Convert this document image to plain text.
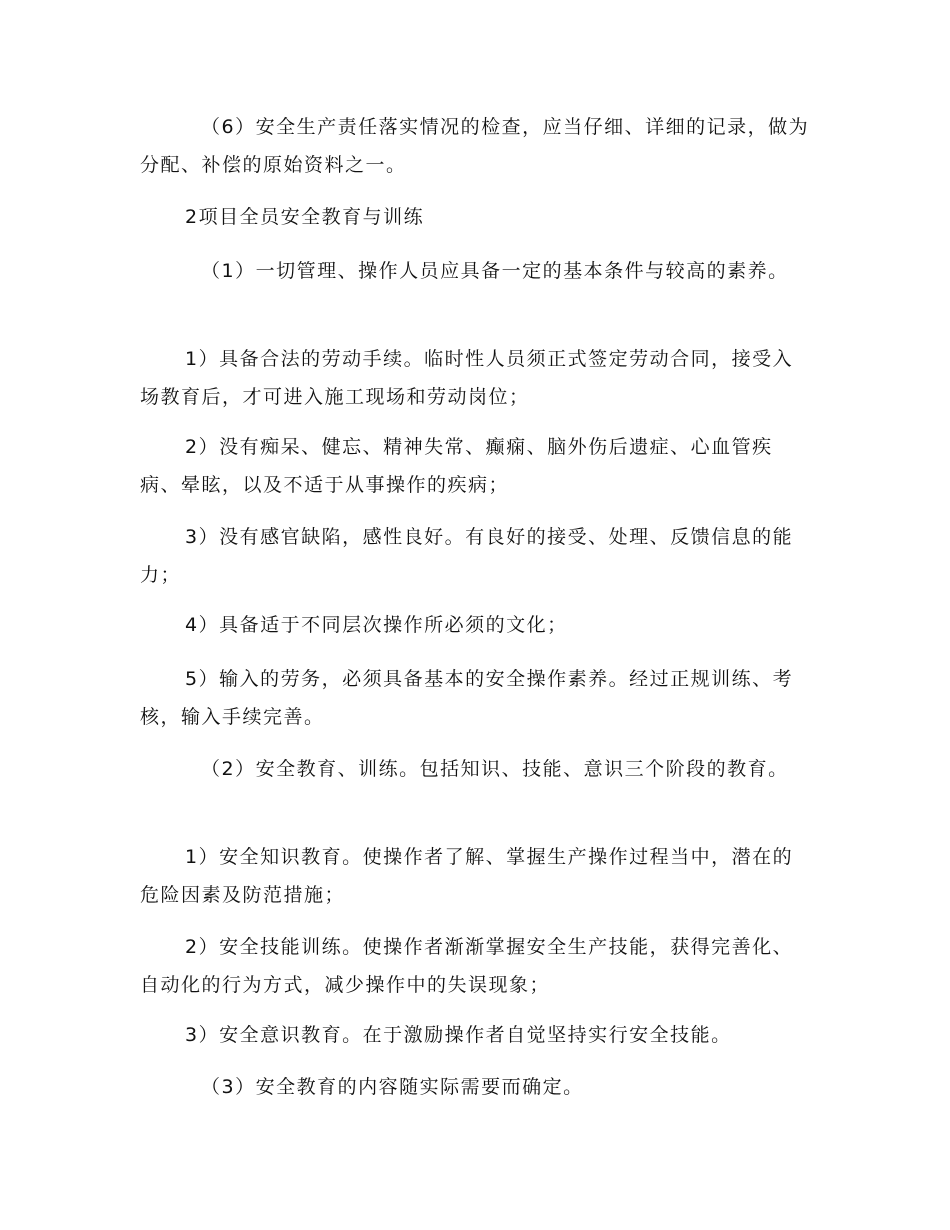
（6）安全生产责任落实情况的检查，应当仔细、详细的记录，做为分配、补偿的原始资料之一。

2项目全员安全教育与训练

（1）一切管理、操作人员应具备一定的基本条件与较高的素养。

1）具备合法的劳动手续。临时性人员须正式签定劳动合同，接受入场教育后，才可进入施工现场和劳动岗位；

2）没有痴呆、健忘、精神失常、癫痫、脑外伤后遗症、心血管疾病、晕眩，以及不适于从事操作的疾病；

3）没有感官缺陷，感性良好。有良好的接受、处理、反馈信息的能力；

4）具备适于不同层次操作所必须的文化；

5）输入的劳务，必须具备基本的安全操作素养。经过正规训练、考核，输入手续完善。

（2）安全教育、训练。包括知识、技能、意识三个阶段的教育。

1）安全知识教育。使操作者了解、掌握生产操作过程当中，潜在的危险因素及防范措施；

2）安全技能训练。使操作者渐渐掌握安全生产技能，获得完善化、自动化的行为方式，减少操作中的失误现象；

3）安全意识教育。在于激励操作者自觉坚持实行安全技能。

（3）安全教育的内容随实际需要而确定。
